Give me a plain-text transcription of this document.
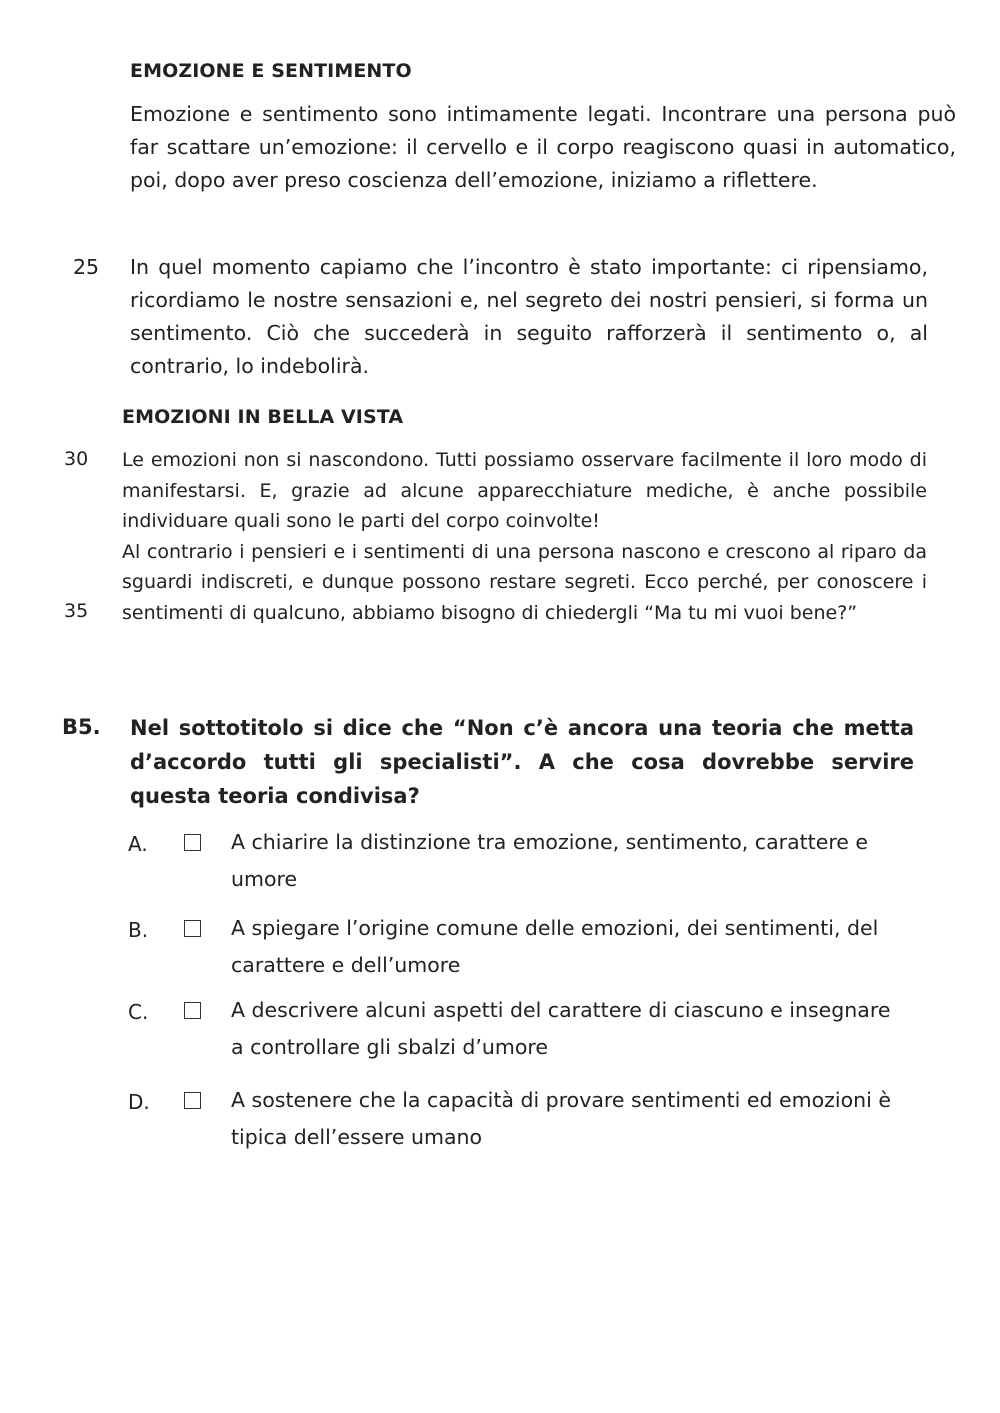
EMOZIONE E SENTIMENTO
Emozione e sentimento sono intimamente legati. Incontrare una persona può far scattare un’emozione: il cervello e il corpo reagiscono quasi in automatico, poi, dopo aver preso coscienza dell’emozione, iniziamo a riflettere.
25 In quel momento capiamo che l’incontro è stato importante: ci ripensiamo, ricordiamo le nostre sensazioni e, nel segreto dei nostri pensieri, si forma un sentimento. Ciò che succederà in seguito rafforzerà il sentimento o, al contrario, lo indebolirà.
EMOZIONI IN BELLA VISTA
30
35
Le emozioni non si nascondono. Tutti possiamo osservare facilmente il loro modo di manifestarsi. E, grazie ad alcune apparecchiature mediche, è anche possibile individuare quali sono le parti del corpo coinvolte!
Al contrario i pensieri e i sentimenti di una persona nascono e crescono al riparo da sguardi indiscreti, e dunque possono restare segreti. Ecco perché, per conoscere i sentimenti di qualcuno, abbiamo bisogno di chiedergli “Ma tu mi vuoi bene?”
B5. Nel sottotitolo si dice che “Non c’è ancora una teoria che metta d’accordo tutti gli specialisti”. A che cosa dovrebbe servire questa teoria condivisa?
A.	A chiarire la distinzione tra emozione, sentimento, carattere e
umore
B.	A spiegare l’origine comune delle emozioni, dei sentimenti, del
carattere e dell’umore
C.	A descrivere alcuni aspetti del carattere di ciascuno e insegnare
a controllare gli sbalzi d’umore
D.	A sostenere che la capacità di provare sentimenti ed emozioni è
tipica dell’essere umano
